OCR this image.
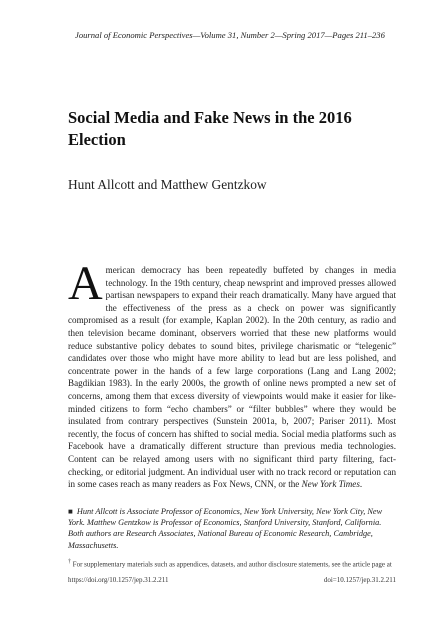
Journal of Economic Perspectives—Volume 31, Number 2—Spring 2017—Pages 211–236
Social Media and Fake News in the 2016 Election
Hunt Allcott and Matthew Gentzkow
American democracy has been repeatedly buffeted by changes in media technology. In the 19th century, cheap newsprint and improved presses allowed partisan newspapers to expand their reach dramatically. Many have argued that the effectiveness of the press as a check on power was significantly compromised as a result (for example, Kaplan 2002). In the 20th century, as radio and then television became dominant, observers worried that these new platforms would reduce substantive policy debates to sound bites, privilege charismatic or “telegenic” candidates over those who might have more ability to lead but are less polished, and concentrate power in the hands of a few large corporations (Lang and Lang 2002; Bagdikian 1983). In the early 2000s, the growth of online news prompted a new set of concerns, among them that excess diversity of viewpoints would make it easier for like-minded citizens to form “echo chambers” or “filter bubbles” where they would be insulated from contrary perspectives (Sunstein 2001a, b, 2007; Pariser 2011). Most recently, the focus of concern has shifted to social media. Social media platforms such as Facebook have a dramatically different structure than previous media technologies. Content can be relayed among users with no significant third party filtering, fact-checking, or editorial judgment. An individual user with no track record or reputation can in some cases reach as many readers as Fox News, CNN, or the New York Times.
■ Hunt Allcott is Associate Professor of Economics, New York University, New York City, New York. Matthew Gentzkow is Professor of Economics, Stanford University, Stanford, California. Both authors are Research Associates, National Bureau of Economic Research, Cambridge, Massachusetts.
† For supplementary materials such as appendices, datasets, and author disclosure statements, see the article page at
https://doi.org/10.1257/jep.31.2.211	doi=10.1257/jep.31.2.211
